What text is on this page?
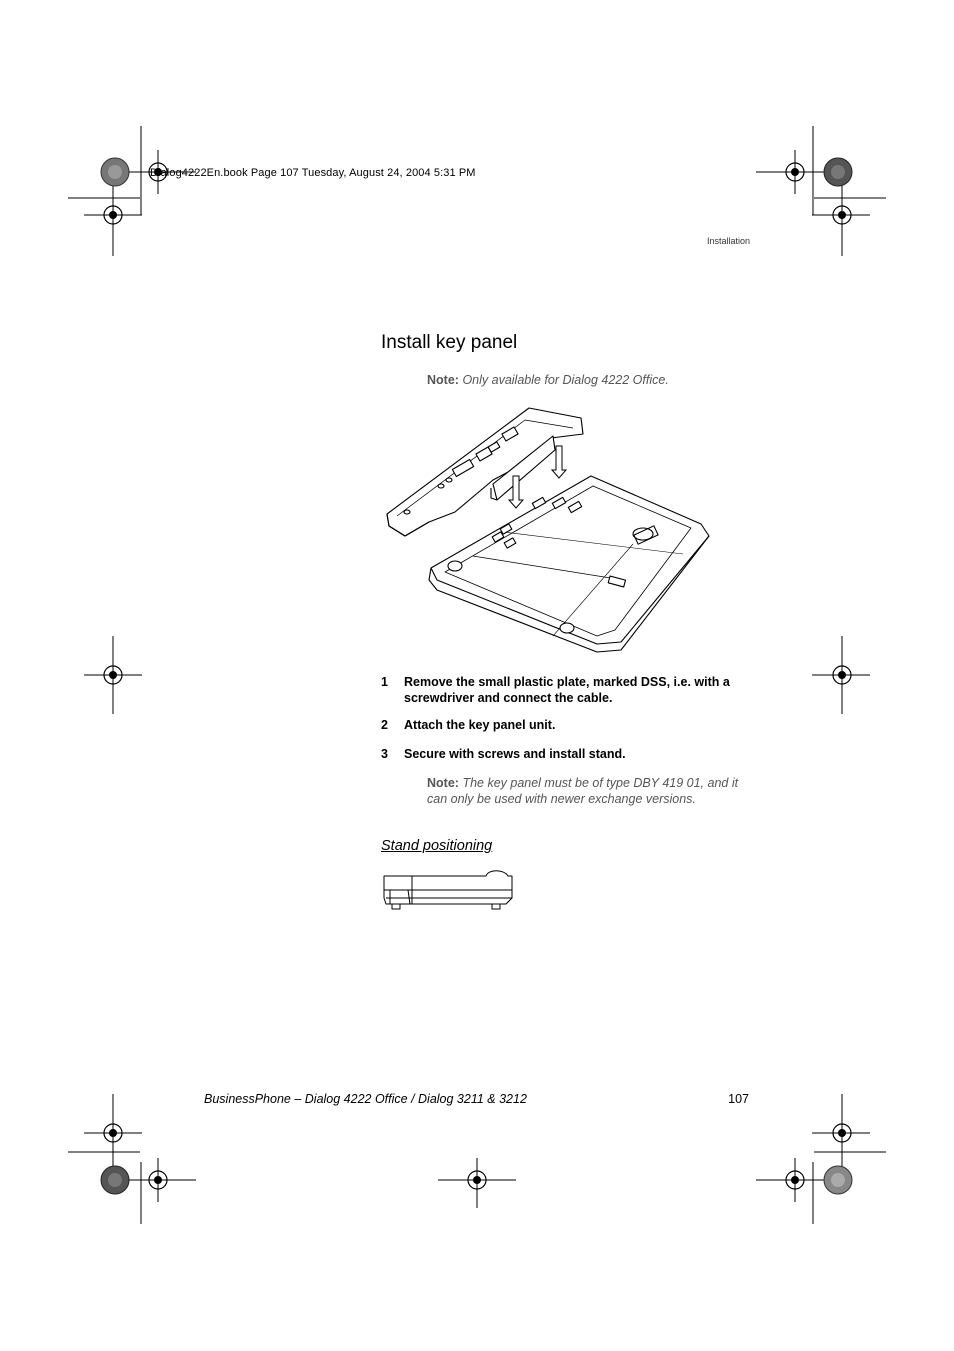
Dialog4222En.book Page 107 Tuesday, August 24, 2004 5:31 PM
Installation
Install key panel
Note: Only available for Dialog 4222 Office.
1 Remove the small plastic plate, marked DSS, i.e. with a screwdriver and connect the cable.
2 Attach the key panel unit.
3 Secure with screws and install stand.
Note: The key panel must be of type DBY 419 01, and it can only be used with newer exchange versions.
Stand positioning
BusinessPhone – Dialog 4222 Office / Dialog 3211 & 3212	107
